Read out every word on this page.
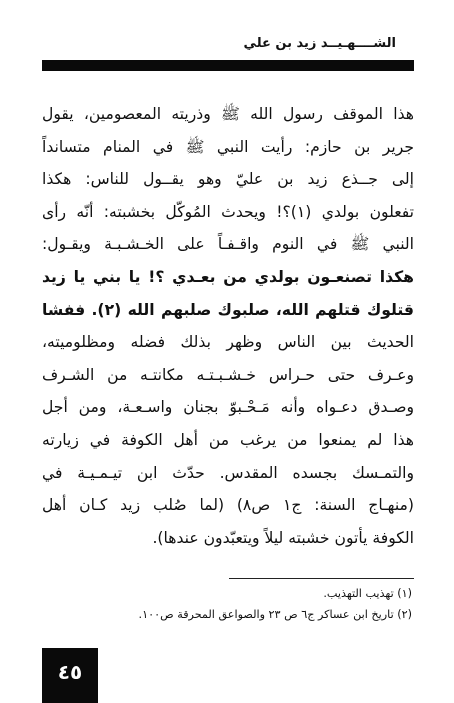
الشــــهـيــد زيد بن علي
هذا الموقف رسول الله ﷺ وذريته المعصومين، يقول
جرير بن حازم: رأيت النبي ﷺ في المنام متسانداً
إلى جــذع زيد بن عليّ وهو يقــول للناس: هكذا
تفعلون بولدي (١)؟! ويحدث المُوكّل بخشبته: أنّه رأى
النبي ﷺ في النوم واقـفـاً على الخـشـبـة ويقـول:
هكذا تصنعـون بولدي من بعـدي ؟! يا بني يا زيد
قتلوك قتلهم الله، صلبوك صلبهم الله (٢). ففشا
الحديث بين الناس وظهر بذلك فضله ومظلوميته،
وعـرف حتى حـراس خـشـبـتـه مكانتـه من الشـرف
وصـدق دعـواه وأنه مَـحْـبوّ بجنان واسـعـة، ومن أجل
هذا لم يمنعوا من يرغب من أهل الكوفة في زيارته
والتمـسك بجسده المقدس. حدّث ابن تيـمـيـة في
(منهـاج السنة: ج١ ص٨) (لما صُلب زيد كـان أهل
الكوفة يأتون خشبته ليلاً ويتعبّدون عندها).
(١) تهذيب التهذيب.
(٢) تاريخ ابن عساكر ج٦ ص ٢٣ والصواعق المحرقة ص١٠٠.
٤٥
